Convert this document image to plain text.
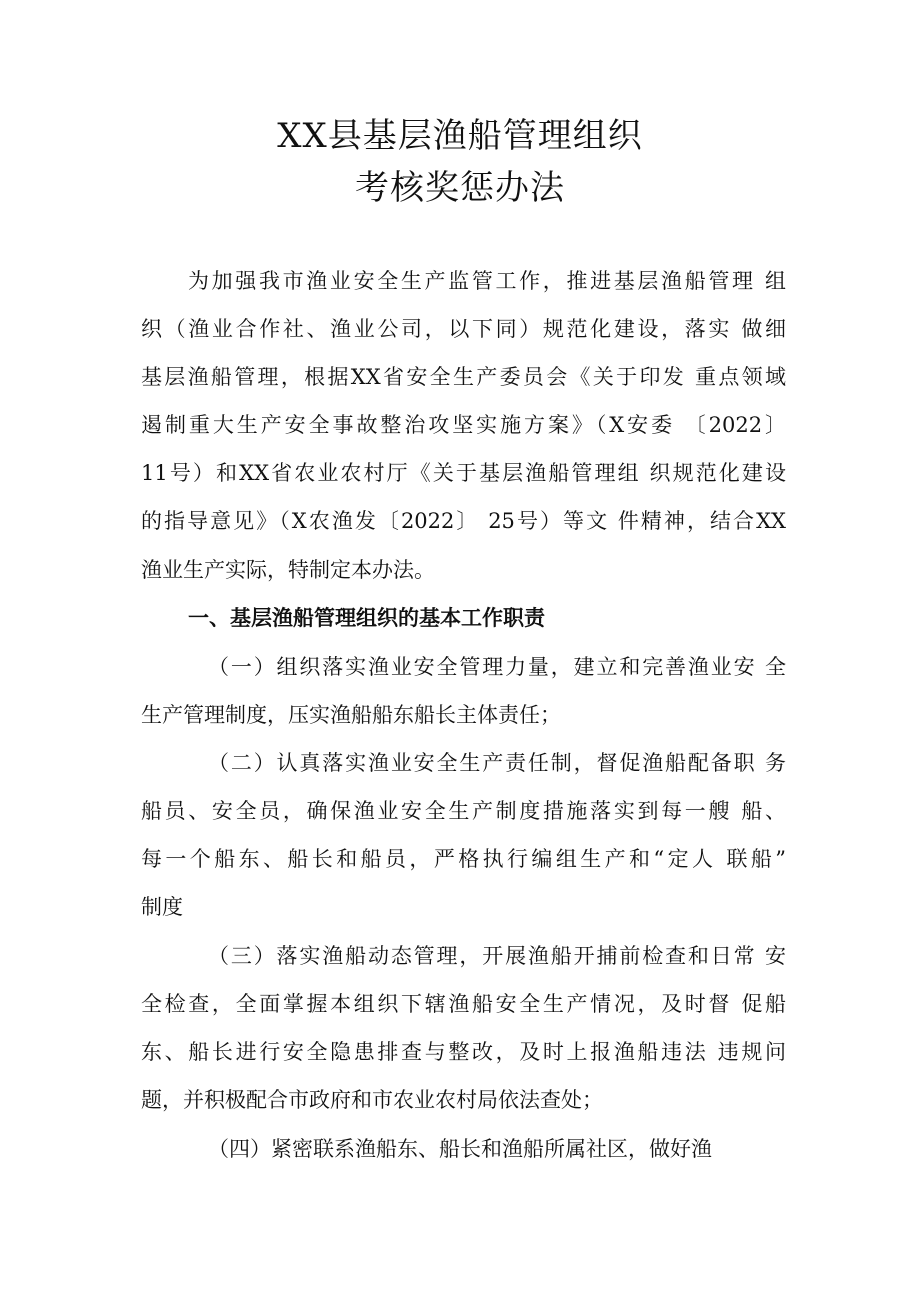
XX县基层渔船管理组织
考核奖惩办法

为加强我市渔业安全生产监管工作，推进基层渔船管理 组

织（渔业合作社、渔业公司，以下同）规范化建设，落实 做细

基层渔船管理，根据XX省安全生产委员会《关于印发 重点领域

遏制重大生产安全事故整治攻坚实施方案》（X安委 〔2022〕

11号）和XX省农业农村厅《关于基层渔船管理组 织规范化建设

的指导意见》（X农渔发〔2022〕 25号）等文 件精神，结合XX

渔业生产实际，特制定本办法。

一、基层渔船管理组织的基本工作职责

（一）组织落实渔业安全管理力量，建立和完善渔业安 全

生产管理制度，压实渔船船东船长主体责任；

（二）认真落实渔业安全生产责任制，督促渔船配备职 务

船员、安全员，确保渔业安全生产制度措施落实到每一艘 船、

每一个船东、船长和船员，严格执行编组生产和“定人 联船”

制度

（三）落实渔船动态管理，开展渔船开捕前检查和日常 安

全检查，全面掌握本组织下辖渔船安全生产情况，及时督 促船

东、船长进行安全隐患排查与整改，及时上报渔船违法 违规问

题，并积极配合市政府和市农业农村局依法查处；

（四）紧密联系渔船东、船长和渔船所属社区，做好渔
